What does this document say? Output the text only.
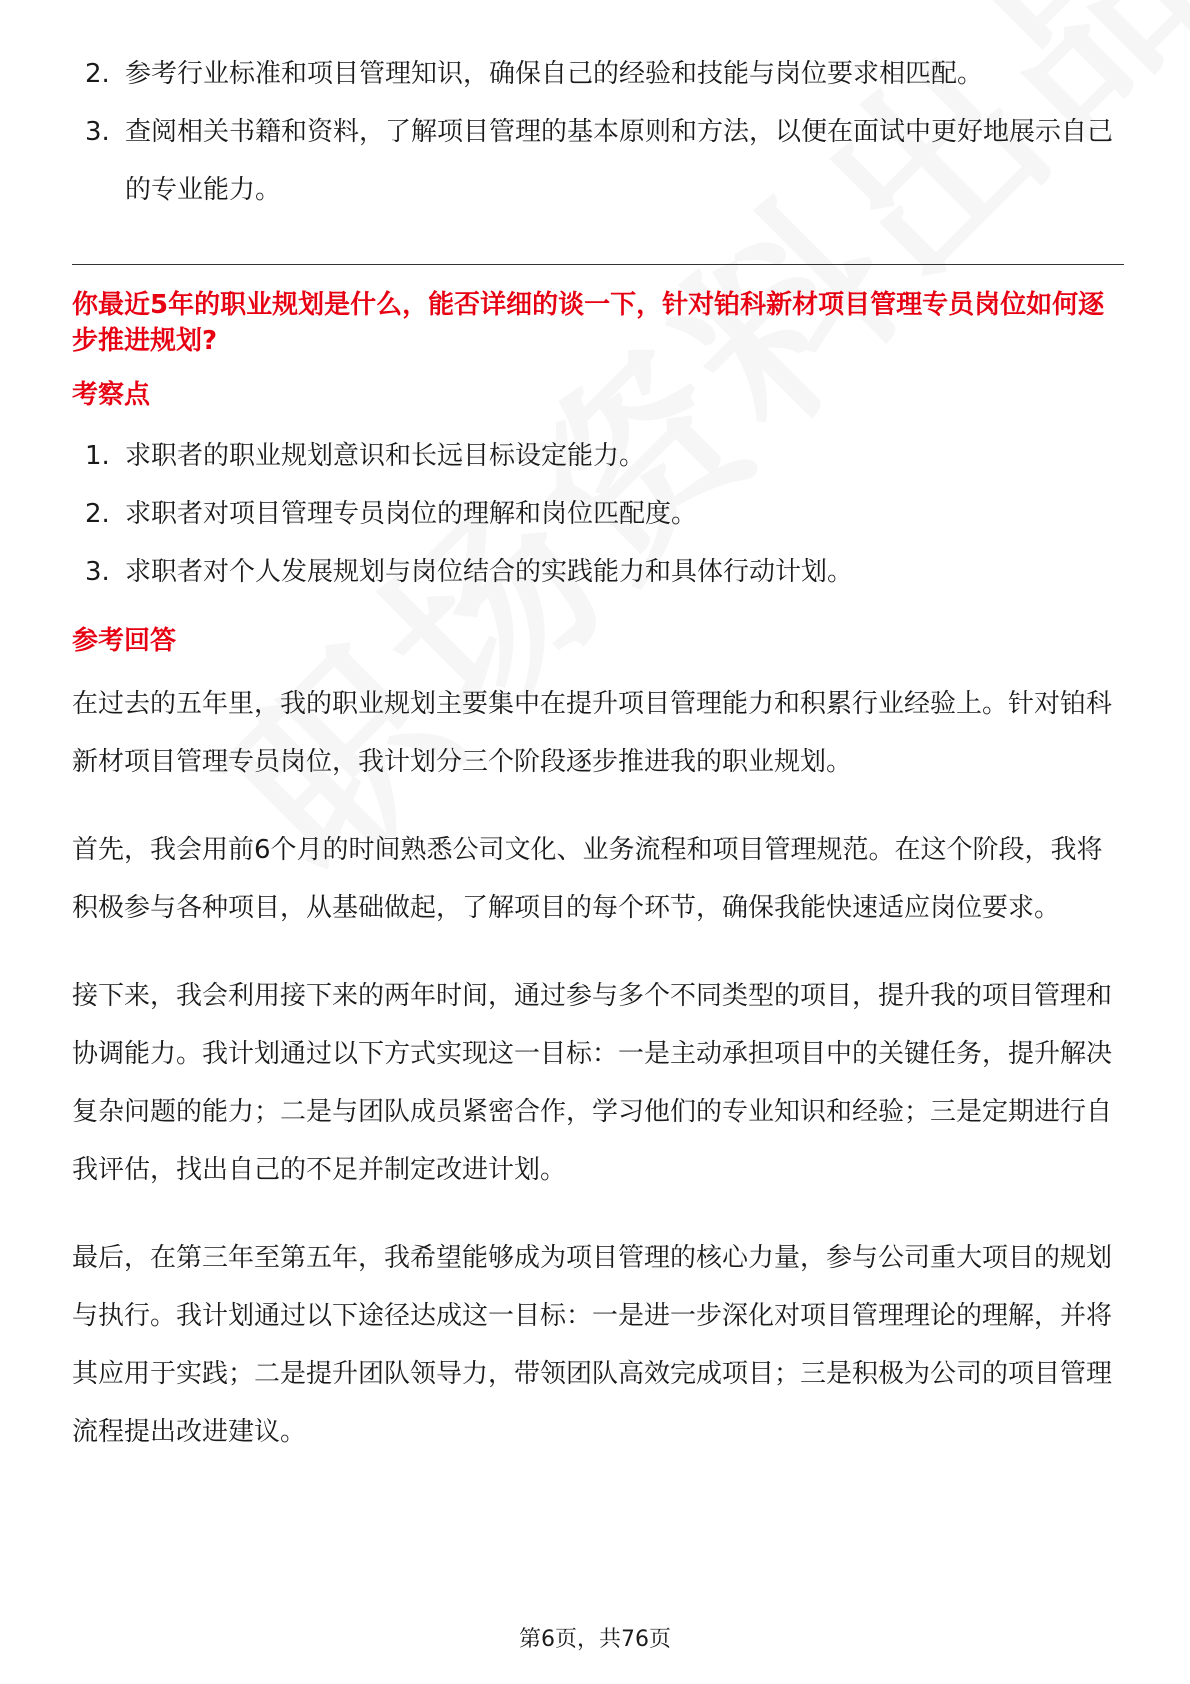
2. 参考行业标准和项目管理知识，确保自己的经验和技能与岗位要求相匹配。
3. 查阅相关书籍和资料，了解项目管理的基本原则和方法，以便在面试中更好地展示自己的专业能力。

你最近5年的职业规划是什么，能否详细的谈一下，针对铂科新材项目管理专员岗位如何逐步推进规划?

考察点

1. 求职者的职业规划意识和长远目标设定能力。
2. 求职者对项目管理专员岗位的理解和岗位匹配度。
3. 求职者对个人发展规划与岗位结合的实践能力和具体行动计划。

参考回答

在过去的五年里，我的职业规划主要集中在提升项目管理能力和积累行业经验上。针对铂科新材项目管理专员岗位，我计划分三个阶段逐步推进我的职业规划。

首先，我会用前6个月的时间熟悉公司文化、业务流程和项目管理规范。在这个阶段，我将积极参与各种项目，从基础做起，了解项目的每个环节，确保我能快速适应岗位要求。

接下来，我会利用接下来的两年时间，通过参与多个不同类型的项目，提升我的项目管理和协调能力。我计划通过以下方式实现这一目标：一是主动承担项目中的关键任务，提升解决复杂问题的能力；二是与团队成员紧密合作，学习他们的专业知识和经验；三是定期进行自我评估，找出自己的不足并制定改进计划。

最后，在第三年至第五年，我希望能够成为项目管理的核心力量，参与公司重大项目的规划与执行。我计划通过以下途径达成这一目标：一是进一步深化对项目管理理论的理解，并将其应用于实践；二是提升团队领导力，带领团队高效完成项目；三是积极为公司的项目管理流程提出改进建议。

第6页，共76页
